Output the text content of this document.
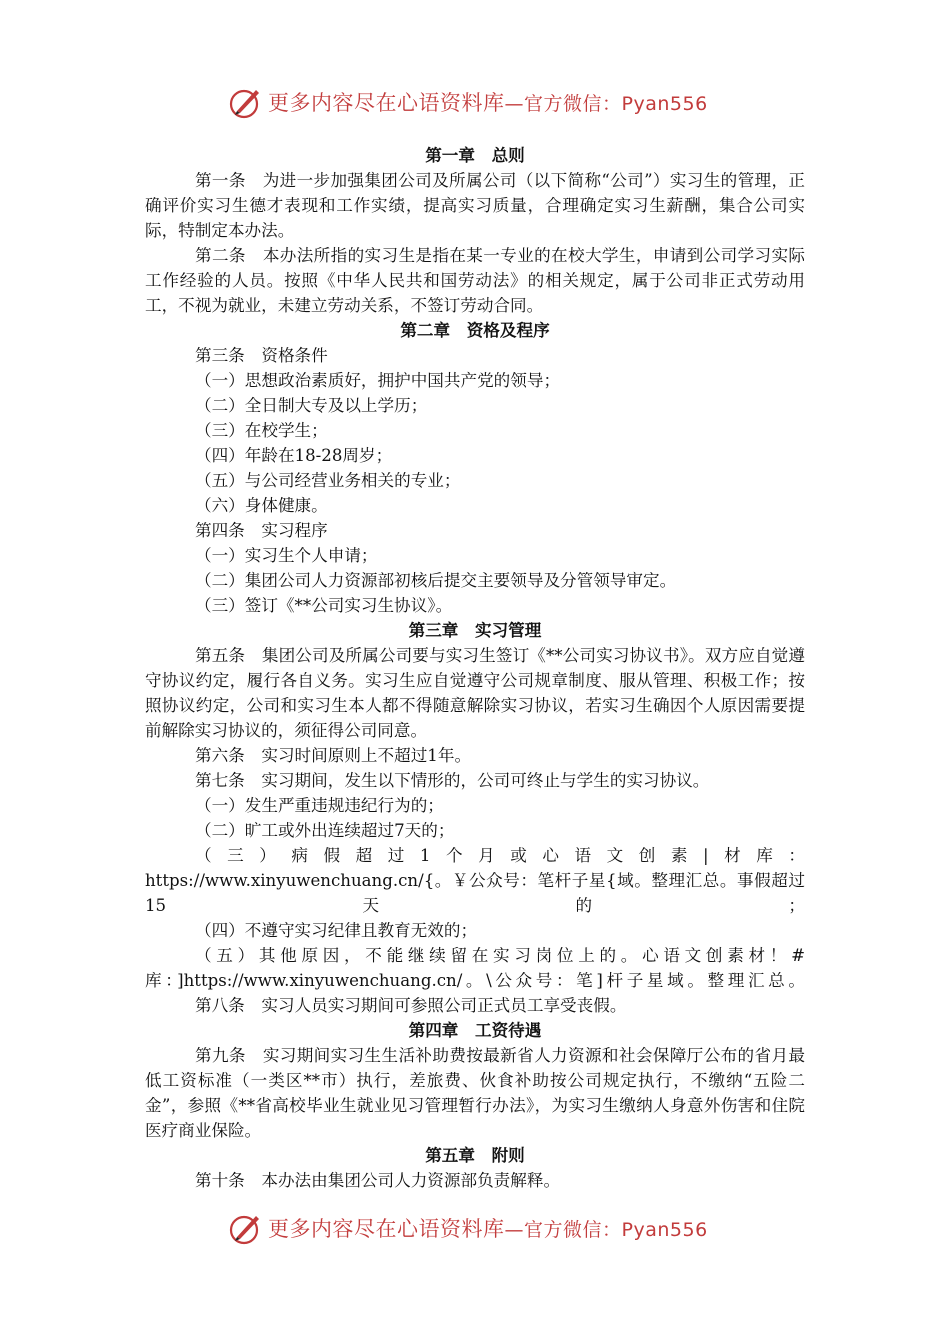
更多内容尽在心语资料库—官方微信：Pyan556
第一章　总则

第一条　为进一步加强集团公司及所属公司（以下简称“公司”）实习生的管理，正确评价实习生德才表现和工作实绩，提高实习质量，合理确定实习生薪酬，集合公司实际，特制定本办法。

第二条　本办法所指的实习生是指在某一专业的在校大学生，申请到公司学习实际工作经验的人员。按照《中华人民共和国劳动法》的相关规定，属于公司非正式劳动用工，不视为就业，未建立劳动关系，不签订劳动合同。

第二章　资格及程序

第三条　资格条件

（一）思想政治素质好，拥护中国共产党的领导；

（二）全日制大专及以上学历；

（三）在校学生；

（四）年龄在18-28周岁；

（五）与公司经营业务相关的专业；

（六）身体健康。

第四条　实习程序

（一）实习生个人申请；

（二）集团公司人力资源部初核后提交主要领导及分管领导审定。

（三）签订《**公司实习生协议》。

第三章　实习管理

第五条　集团公司及所属公司要与实习生签订《**公司实习协议书》。双方应自觉遵守协议约定，履行各自义务。实习生应自觉遵守公司规章制度、服从管理、积极工作；按照协议约定，公司和实习生本人都不得随意解除实习协议，若实习生确因个人原因需要提前解除实习协议的，须征得公司同意。

第六条　实习时间原则上不超过1年。

第七条　实习期间，发生以下情形的，公司可终止与学生的实习协议。

（一）发生严重违规违纪行为的；

（二）旷工或外出连续超过7天的；

（三）病假超过1个月或心语文创素|材库：https://www.xinyuwenchuang.cn/{。￥公众号：笔杆子星{域。整理汇总。事假超过15天的；

（四）不遵守实习纪律且教育无效的；

（五）其他原因，不能继续留在实习岗位上的。心语文创素材！#库：]https://www.xinyuwenchuang.cn/。\公众号：笔]杆子星域。整理汇总。

第八条　实习人员实习期间可参照公司正式员工享受丧假。

第四章　工资待遇

第九条　实习期间实习生生活补助费按最新省人力资源和社会保障厅公布的省月最低工资标准（一类区**市）执行，差旅费、伙食补助按公司规定执行，不缴纳“五险二金”，参照《**省高校毕业生就业见习管理暂行办法》，为实习生缴纳人身意外伤害和住院医疗商业保险。

第五章　附则

第十条　本办法由集团公司人力资源部负责解释。

更多内容尽在心语资料库—官方微信：Pyan556
